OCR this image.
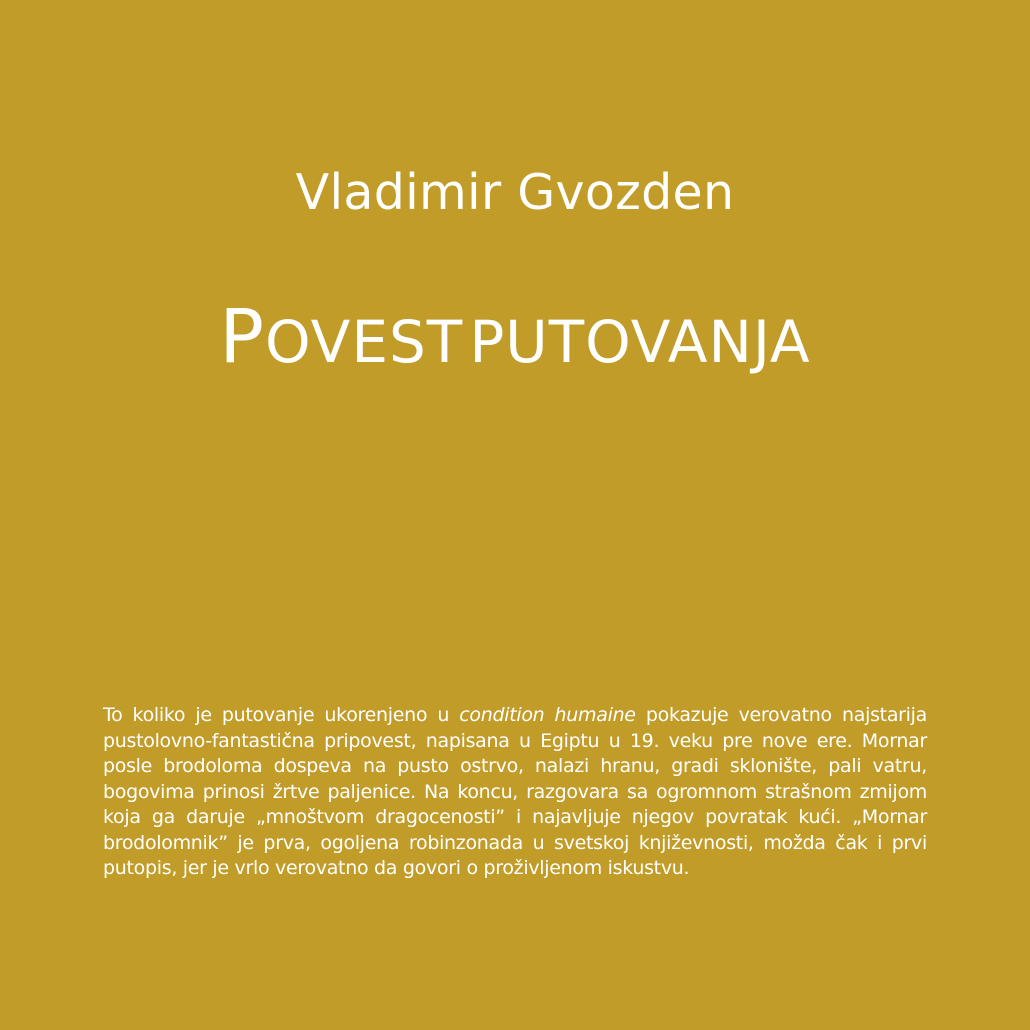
Vladimir Gvozden
POVEST PUTOVANJA

To koliko je putovanje ukorenjeno u condition humaine pokazuje verovatno najstarija pustolovno-fantastična pripovest, napisana u Egiptu u 19. veku pre nove ere. Mornar posle brodoloma dospeva na pusto ostrvo, nalazi hranu, gradi sklonište, pali vatru, bogovima prinosi žrtve paljenice. Na koncu, razgovara sa ogromnom strašnom zmijom koja ga daruje „mnoštvom dragocenosti” i najavljuje njegov povratak kući. „Mornar brodolomnik” je prva, ogoljena robinzonada u svetskoj književnosti, možda čak i prvi putopis, jer je vrlo verovatno da govori o proživljenom iskustvu.
